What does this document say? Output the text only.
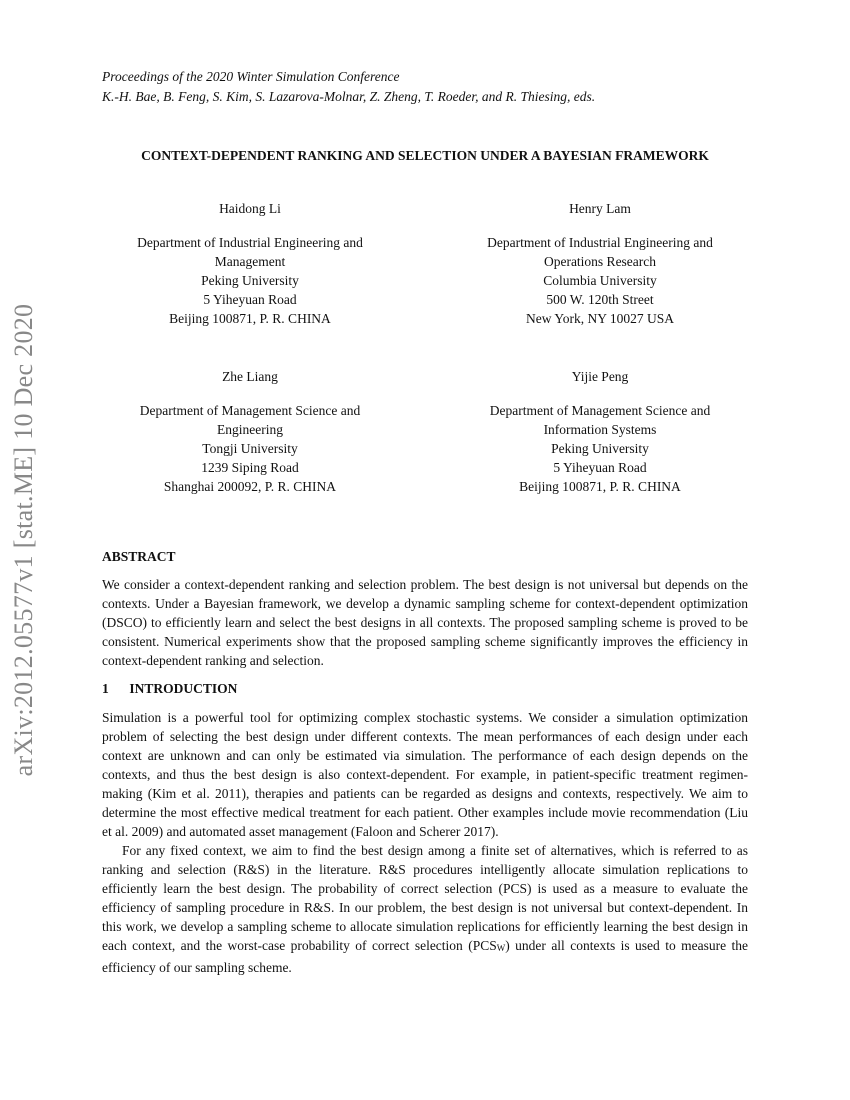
arXiv:2012.05577v1 [stat.ME] 10 Dec 2020
Proceedings of the 2020 Winter Simulation Conference
K.-H. Bae, B. Feng, S. Kim, S. Lazarova-Molnar, Z. Zheng, T. Roeder, and R. Thiesing, eds.
CONTEXT-DEPENDENT RANKING AND SELECTION UNDER A BAYESIAN FRAMEWORK
Haidong Li
Department of Industrial Engineering and
Management
Peking University
5 Yiheyuan Road
Beijing 100871, P. R. CHINA
Henry Lam
Department of Industrial Engineering and
Operations Research
Columbia University
500 W. 120th Street
New York, NY 10027 USA
Zhe Liang
Department of Management Science and
Engineering
Tongji University
1239 Siping Road
Shanghai 200092, P. R. CHINA
Yijie Peng
Department of Management Science and
Information Systems
Peking University
5 Yiheyuan Road
Beijing 100871, P. R. CHINA
ABSTRACT
We consider a context-dependent ranking and selection problem. The best design is not universal but depends on the contexts. Under a Bayesian framework, we develop a dynamic sampling scheme for context-dependent optimization (DSCO) to efficiently learn and select the best designs in all contexts. The proposed sampling scheme is proved to be consistent. Numerical experiments show that the proposed sampling scheme significantly improves the efficiency in context-dependent ranking and selection.
1 INTRODUCTION

Simulation is a powerful tool for optimizing complex stochastic systems. We consider a simulation optimization problem of selecting the best design under different contexts. The mean performances of each design under each context are unknown and can only be estimated via simulation. The performance of each design depends on the contexts, and thus the best design is also context-dependent. For example, in patient-specific treatment regimen-making (Kim et al. 2011), therapies and patients can be regarded as designs and contexts, respectively. We aim to determine the most effective medical treatment for each patient. Other examples include movie recommendation (Liu et al. 2009) and automated asset management (Faloon and Scherer 2017).

For any fixed context, we aim to find the best design among a finite set of alternatives, which is referred to as ranking and selection (R&S) in the literature. R&S procedures intelligently allocate simulation replications to efficiently learn the best design. The probability of correct selection (PCS) is used as a measure to evaluate the efficiency of sampling procedure in R&S. In our problem, the best design is not universal but context-dependent. In this work, we develop a sampling scheme to allocate simulation replications for efficiently learning the best design in each context, and the worst-case probability of correct selection $(PCS_W)$ under all contexts is used to measure the efficiency of our sampling scheme.
